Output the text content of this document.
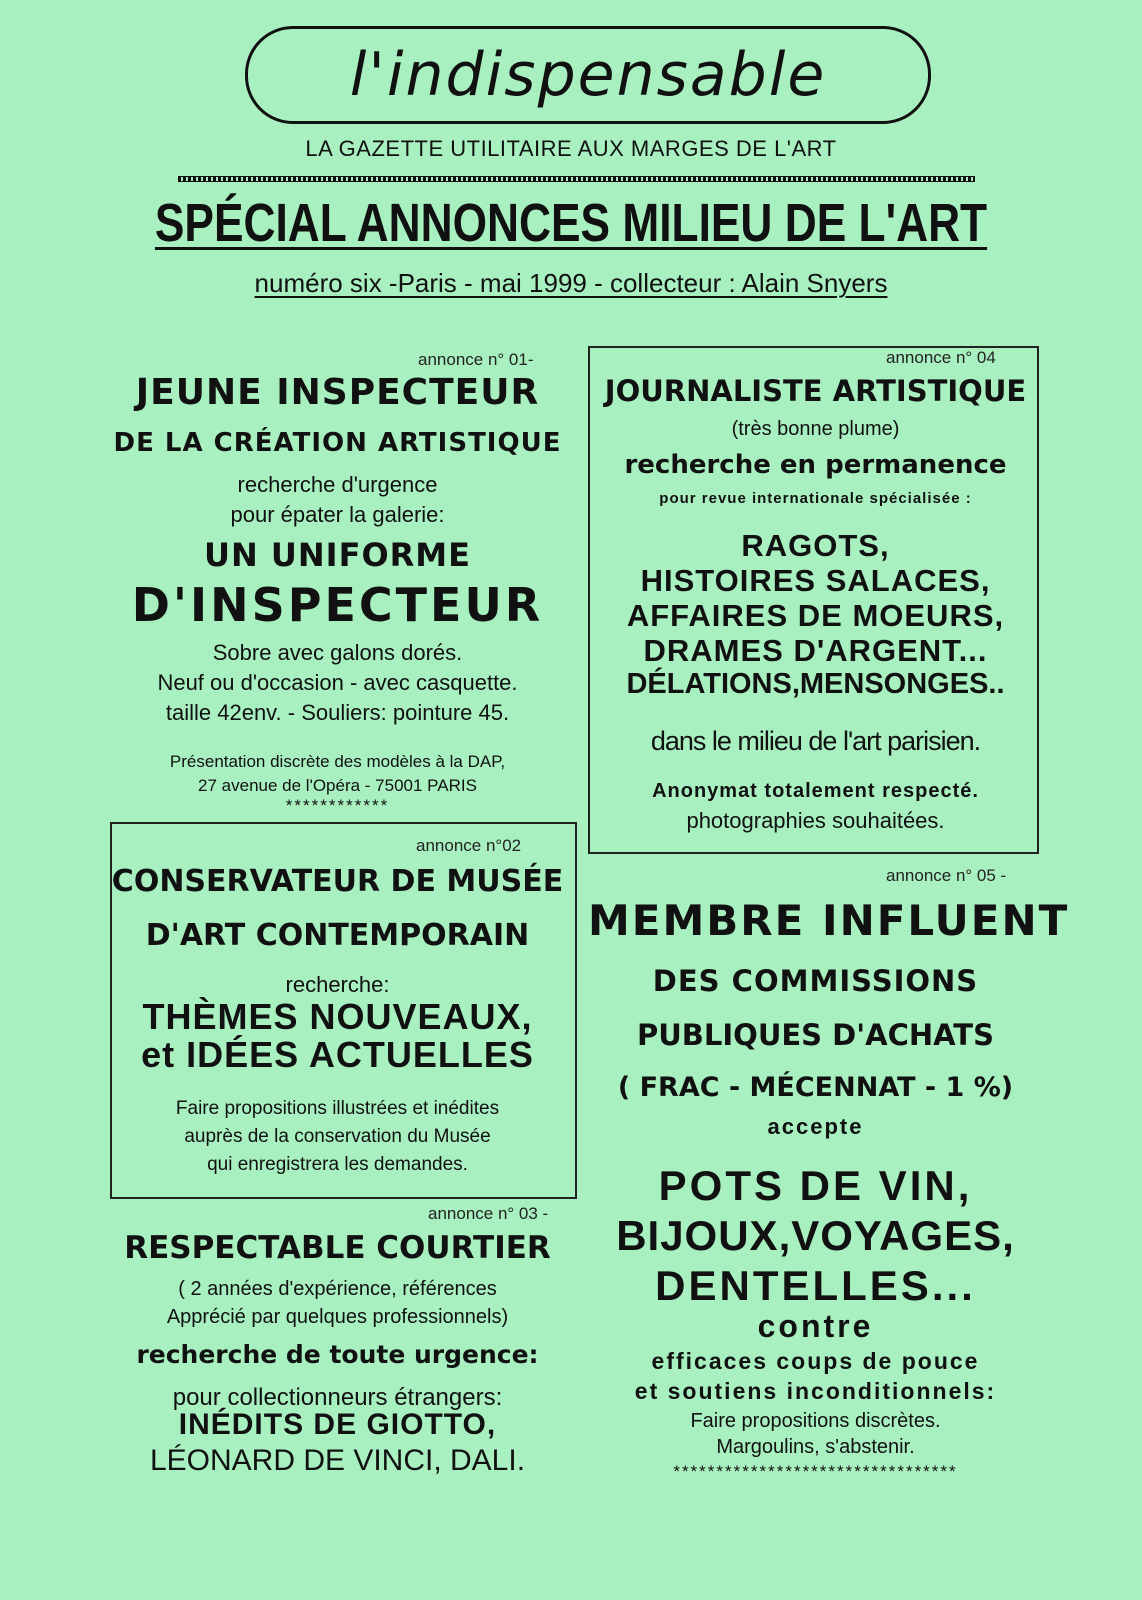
l'indispensable
LA GAZETTE UTILITAIRE AUX MARGES DE L'ART
SPÉCIAL ANNONCES MILIEU DE L'ART
numéro six -Paris - mai 1999 - collecteur : Alain Snyers
annonce n° 01-
JEUNE INSPECTEUR
DE LA CRÉATION ARTISTIQUE
recherche d'urgence
pour épater la galerie:
UN UNIFORME
D'INSPECTEUR
Sobre avec galons dorés.
Neuf ou d'occasion - avec casquette.
taille 42env. - Souliers: pointure 45.
Présentation discrète des modèles à la DAP,
27 avenue de l'Opéra - 75001 PARIS
************
annonce n°02
CONSERVATEUR DE MUSÉE
D'ART CONTEMPORAIN
recherche:
THÈMES NOUVEAUX,
et IDÉES ACTUELLES
Faire propositions illustrées et inédites
auprès de la conservation du Musée
qui enregistrera les demandes.
annonce n° 03 -
RESPECTABLE COURTIER
( 2 années d'expérience, références
Apprécié par quelques professionnels)
recherche de toute urgence:
pour collectionneurs étrangers:
INÉDITS DE GIOTTO,
LÉONARD DE VINCI, DALI.
annonce n° 04
JOURNALISTE ARTISTIQUE
(très bonne plume)
recherche en permanence
pour revue internationale spécialisée :
RAGOTS,
HISTOIRES SALACES,
AFFAIRES DE MOEURS,
DRAMES D'ARGENT...
DÉLATIONS,MENSONGES..
dans le milieu de l'art parisien.
Anonymat totalement respecté.
photographies souhaitées.
annonce n° 05 -
MEMBRE INFLUENT
DES COMMISSIONS
PUBLIQUES D'ACHATS
( FRAC - MÉCENNAT - 1 %)
accepte
POTS DE VIN,
BIJOUX,VOYAGES,
DENTELLES...
contre
efficaces coups de pouce
et soutiens inconditionnels:
Faire propositions discrètes.
Margoulins, s'abstenir.
*********************************
